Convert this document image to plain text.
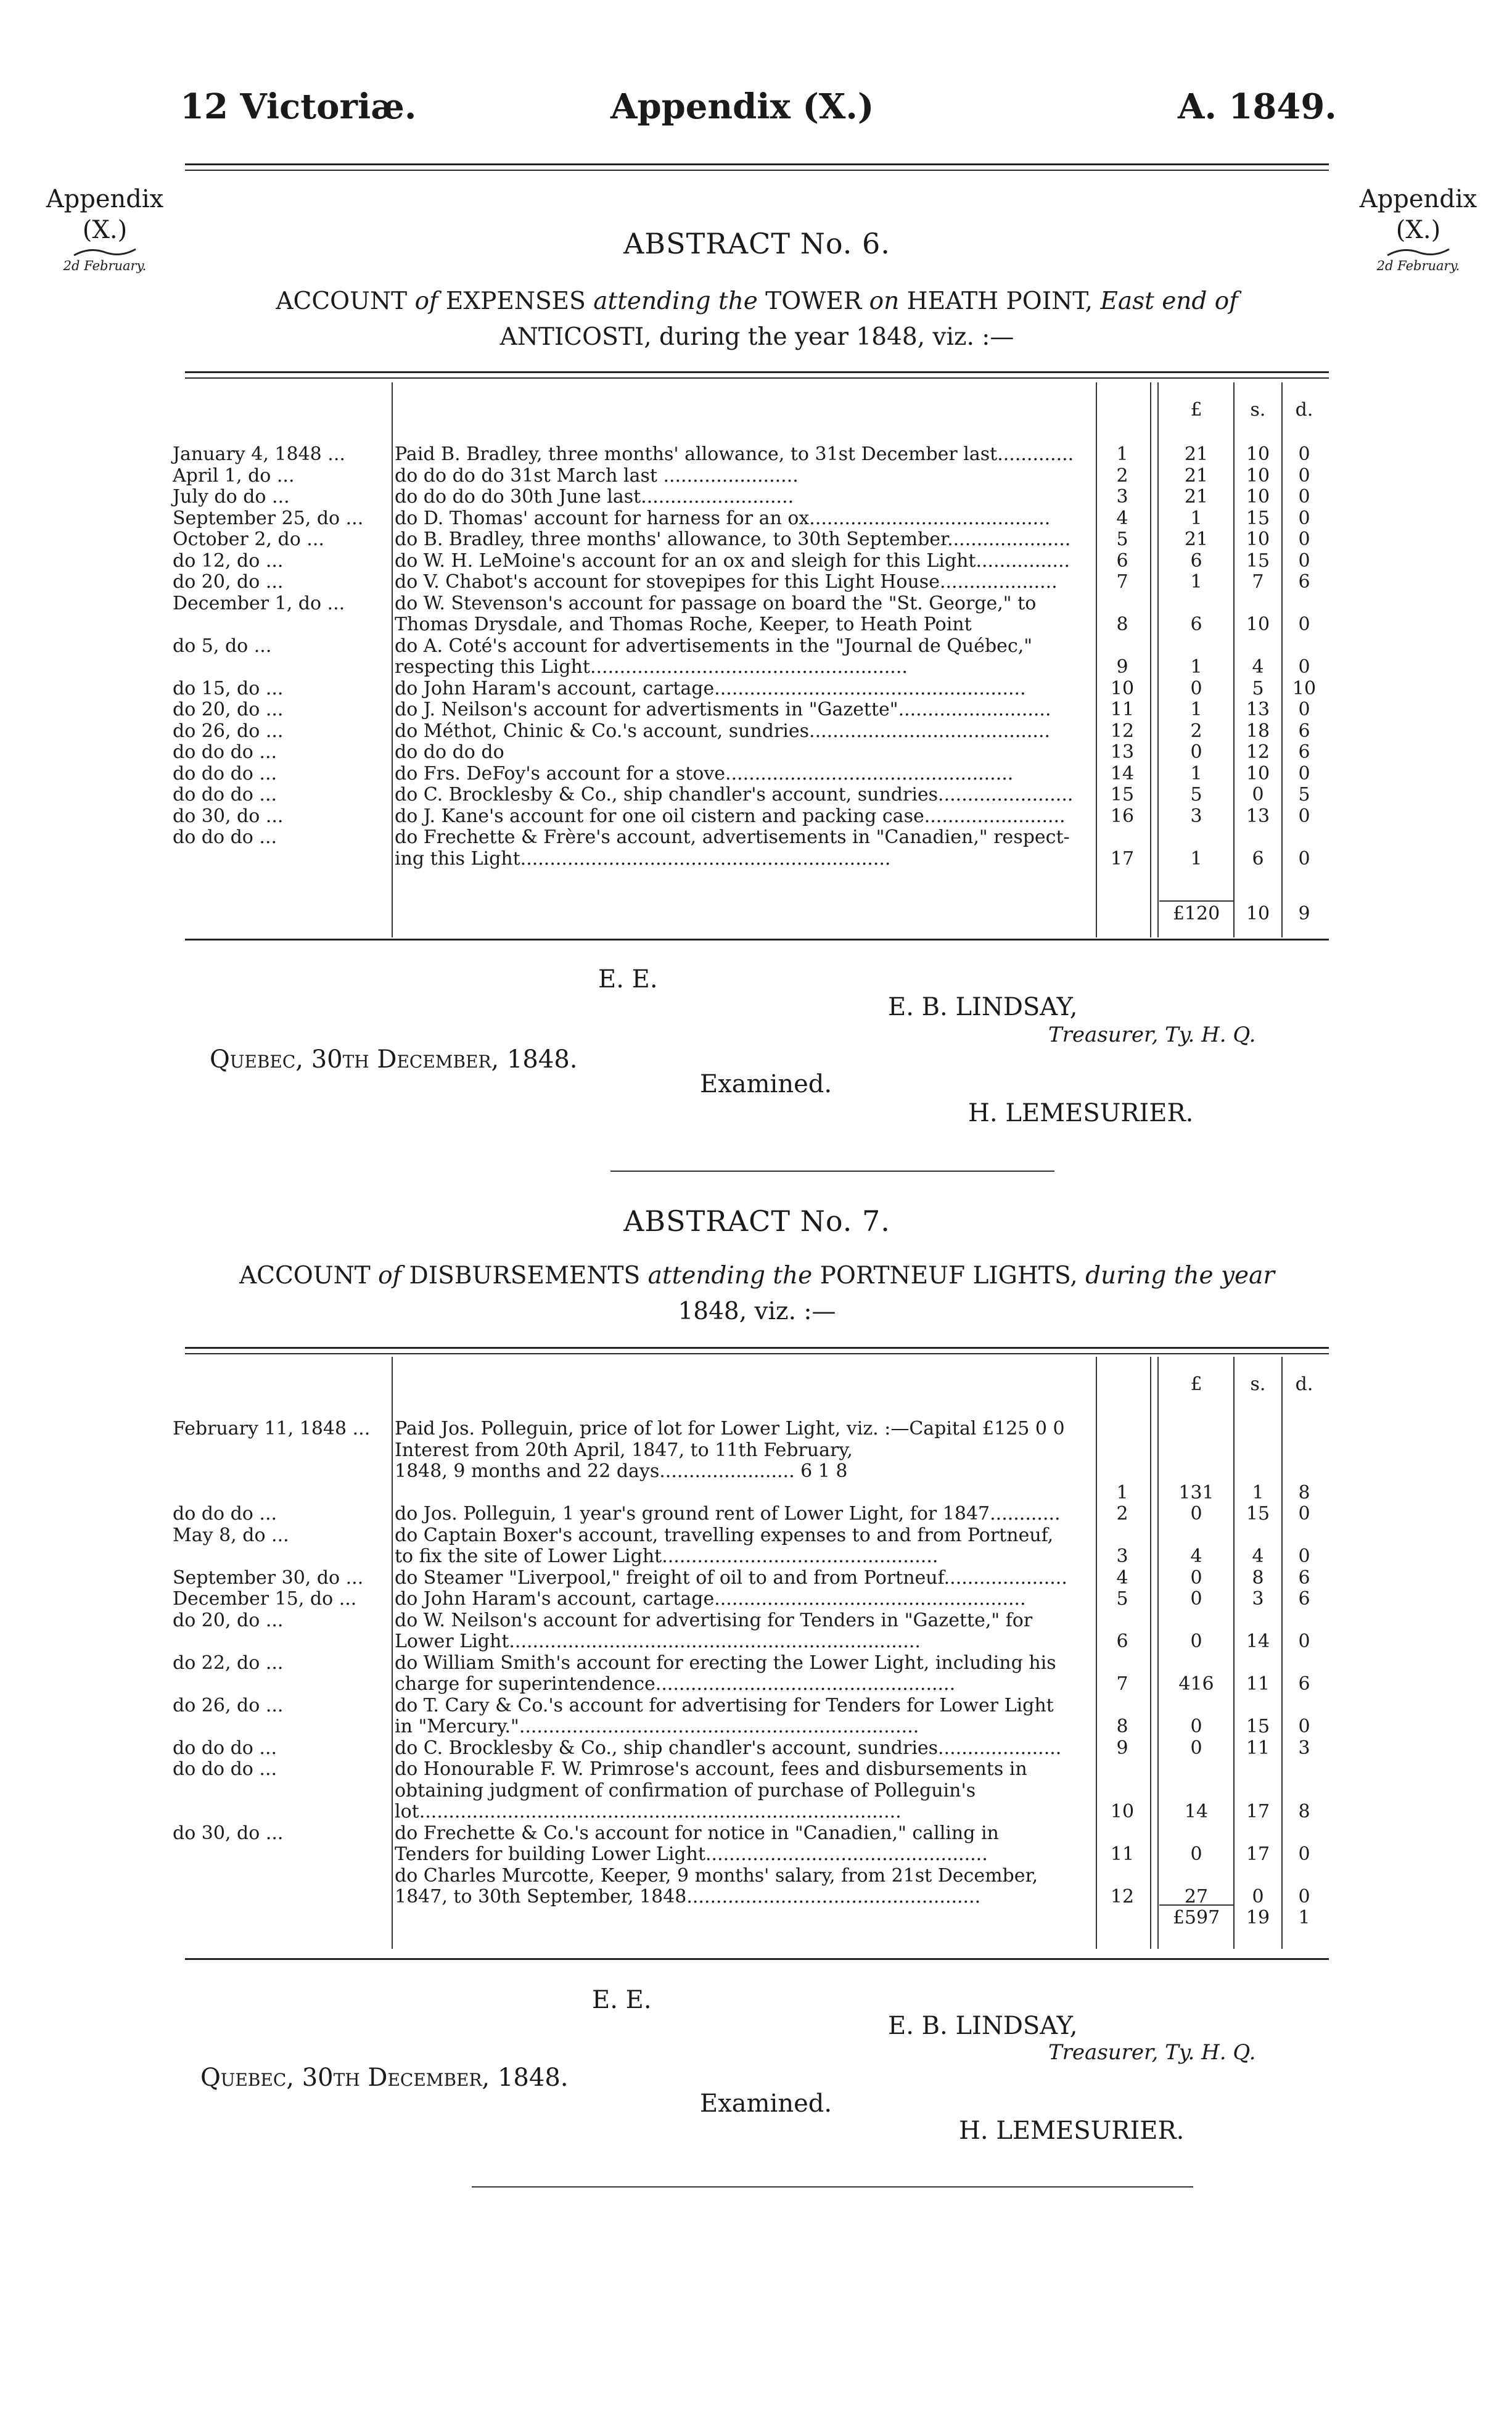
12 Victoriæ.	Appendix (X.)	A. 1849.
Appendix
(X.)
2d February.
Appendix
(X.)
2d February.
ABSTRACT No. 6.
ACCOUNT of EXPENSES attending the TOWER on HEATH POINT, East end of
ANTICOSTI, during the year 1848, viz. :—
£	s.	d.
January 4, 1848 ...	Paid B. Bradley, three months' allowance, to 31st December last.............	1	21	10	0
April 1, do ...	do do do do 31st March last .......................	2	21	10	0
July do do ...	do do do do 30th June last..........................	3	21	10	0
September 25, do ... do D. Thomas' account for harness for an ox.........................................	4	1	15	0
October 2, do ...	do B. Bradley, three months' allowance, to 30th September.....................	5	21	10	0
do 12, do ...	do W. H. LeMoine's account for an ox and sleigh for this Light................	6	6	15	0
do 20, do ...	do V. Chabot's account for stovepipes for this Light House....................	7	1	7	6
December 1, do ...	do W. Stevenson's account for passage on board the "St. George," to
Thomas Drysdale, and Thomas Roche, Keeper, to Heath Point	8	6	10	0
do 5, do ...	do A. Coté's account for advertisements in the "Journal de Québec,"
respecting this Light......................................................	9	1	4	0
do 15, do ...	do John Haram's account, cartage.....................................................	10	0	5	10
do 20, do ...	do J. Neilson's account for advertisments in "Gazette"..........................	11	1	13	0
do 26, do ...	do Méthot, Chinic & Co.'s account, sundries.........................................	12	2	18	6
do do do ...	do do do do	13	0	12	6
do do do ...	do Frs. DeFoy's account for a stove.................................................	14	1	10	0
do do do ...	do C. Brocklesby & Co., ship chandler's account, sundries.......................	15	5	0	5
do 30, do ...	do J. Kane's account for one oil cistern and packing case........................	16	3	13	0
do do do ...	do Frechette & Frère's account, advertisements in "Canadien," respect-
ing this Light...............................................................	17	1	6	0
£120	10	9
E. E.
E. B. LINDSAY,
Treasurer, Ty. H. Q.
Quebec, 30th December, 1848.
Examined.
H. LEMESURIER.
ABSTRACT No. 7.
ACCOUNT of DISBURSEMENTS attending the PORTNEUF LIGHTS, during the year
1848, viz. :—
£	s.	d.
February 11, 1848 ... Paid Jos. Polleguin, price of lot for Lower Light, viz. :—Capital £125 0 0
Interest from 20th April, 1847, to 11th February,
1848, 9 months and 22 days....................... 6 1 8
1	131	1	8
do do do ...	do Jos. Polleguin, 1 year's ground rent of Lower Light, for 1847............	2	0	15	0
May 8, do ...	do Captain Boxer's account, travelling expenses to and from Portneuf,
to fix the site of Lower Light...............................................	3	4	4	0
September 30, do ... do Steamer "Liverpool," freight of oil to and from Portneuf.....................	4	0	8	6
December 15, do ... do John Haram's account, cartage.....................................................	5	0	3	6
do 20, do ...	do W. Neilson's account for advertising for Tenders in "Gazette," for
Lower Light......................................................................	6	0	14	0
do 22, do ...	do William Smith's account for erecting the Lower Light, including his
charge for superintendence...................................................	7	416	11	6
do 26, do ...	do T. Cary & Co.'s account for advertising for Tenders for Lower Light
in "Mercury."....................................................................	8	0	15	0
do do do ...	do C. Brocklesby & Co., ship chandler's account, sundries.....................	9	0	11	3
do do do ...	do Honourable F. W. Primrose's account, fees and disbursements in
obtaining judgment of confirmation of purchase of Polleguin's
lot..................................................................................	10	14	17	8
do 30, do ...	do Frechette & Co.'s account for notice in "Canadien," calling in
Tenders for building Lower Light................................................	11	0	17	0
do Charles Murcotte, Keeper, 9 months' salary, from 21st December,
1847, to 30th September, 1848..................................................	12	27	0	0
£597	19	1
E. E.
E. B. LINDSAY,
Treasurer, Ty. H. Q.
Quebec, 30th December, 1848.
Examined.
H. LEMESURIER.
